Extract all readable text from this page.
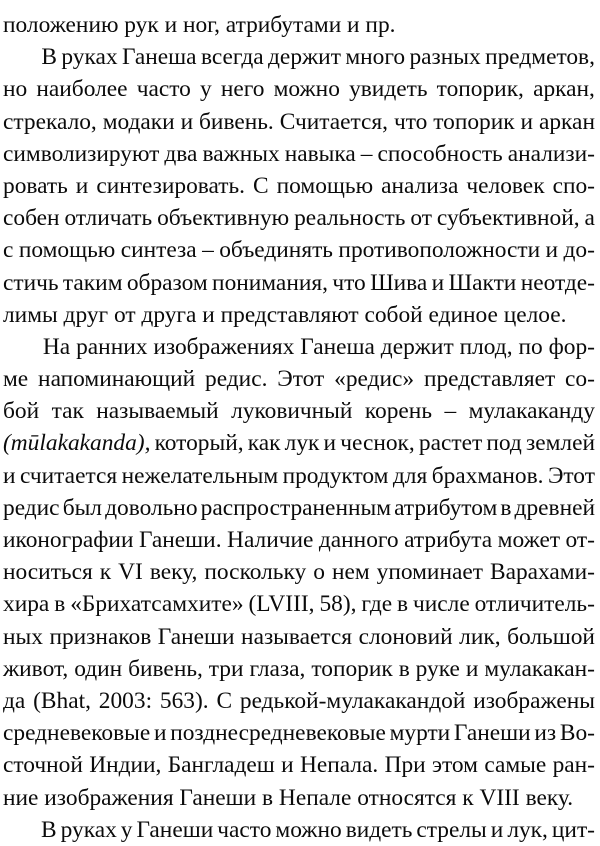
положению рук и ног, атрибутами и пр.
В руках Ганеша всегда держит много разных предметов,
но наиболее часто у него можно увидеть топорик, аркан,
стрекало, модаки и бивень. Считается, что топорик и аркан
символизируют два важных навыка – способность анализи-
ровать и синтезировать. С помощью анализа человек спо-
собен отличать объективную реальность от субъективной, а
с помощью синтеза – объединять противоположности и до-
стичь таким образом понимания, что Шива и Шакти неотде-
лимы друг от друга и представляют собой единое целое.
На ранних изображениях Ганеша держит плод, по фор-
ме напоминающий редис. Этот «редис» представляет со-
бой так называемый луковичный корень – мулакаканду
(mūlakakanda), который, как лук и чеснок, растет под землей
и считается нежелательным продуктом для брахманов. Этот
редис был довольно распространенным атрибутом в древней
иконографии Ганеши. Наличие данного атрибута может от-
носиться к VI веку, поскольку о нем упоминает Варахами-
хира в «Брихатсамхите» (LVIII, 58), где в числе отличитель-
ных признаков Ганеши называется слоновий лик, большой
живот, один бивень, три глаза, топорик в руке и мулакакан-
да (Bhat, 2003: 563). С редькой-мулакакандой изображены
средневековые и позднесредневековые мурти Ганеши из Во-
сточной Индии, Бангладеш и Непала. При этом самые ран-
ние изображения Ганеши в Непале относятся к VIII веку.
В руках у Ганеши часто можно видеть стрелы и лук, цит-
